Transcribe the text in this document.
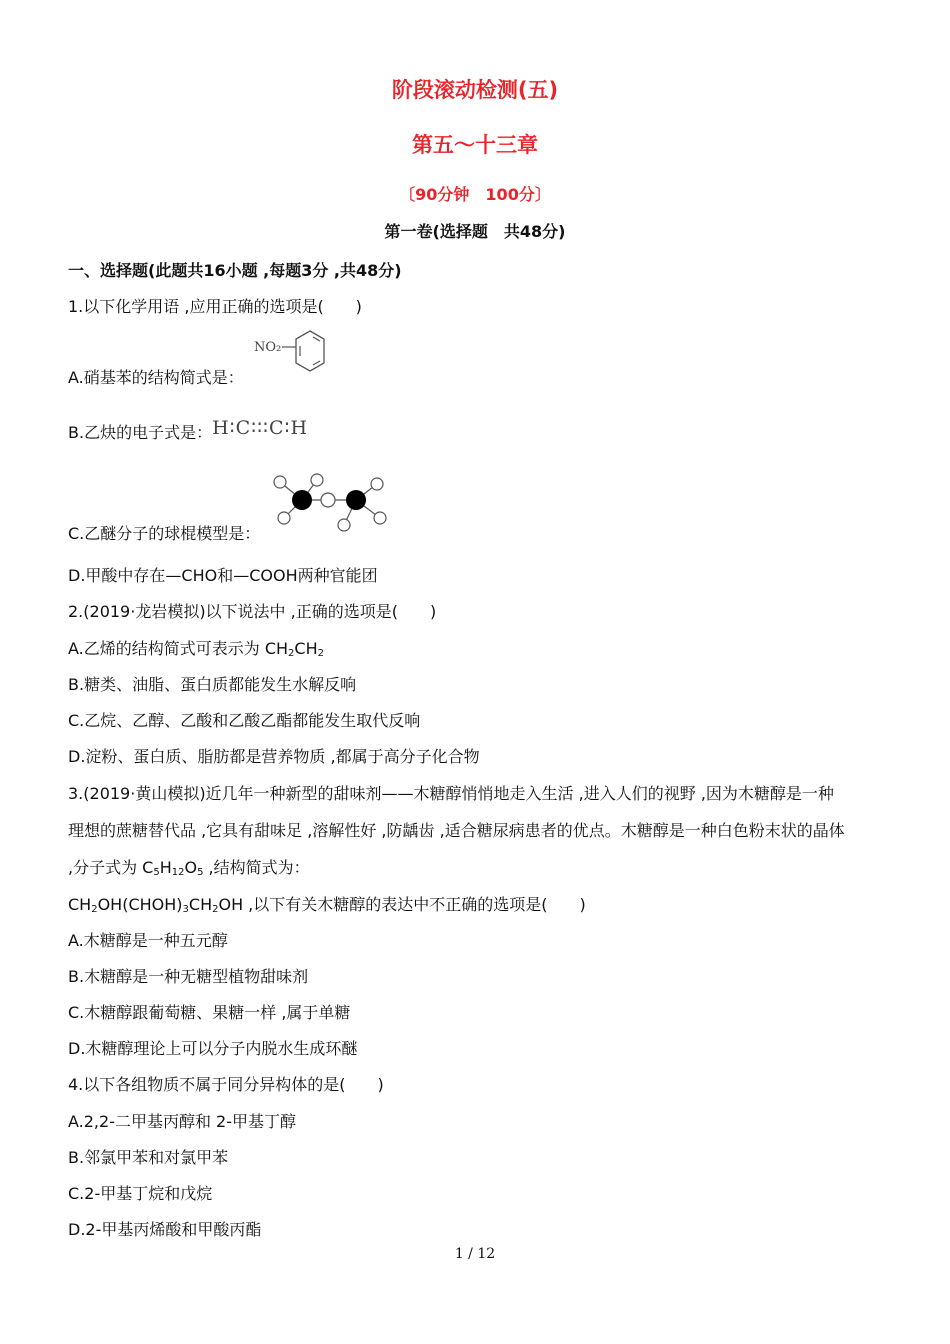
阶段滚动检测(五)
第五～十三章
〔90分钟　100分〕
第一卷(选择题　共48分)
一、选择题(此题共16小题 ,每题3分 ,共48分)
1.以下化学用语 ,应用正确的选项是(　　)
NO₂
A.硝基苯的结构简式是：
B.乙炔的电子式是：H∶C∶∶∶C∶H
C.乙醚分子的球棍模型是：
D.甲酸中存在—CHO和—COOH两种官能团
2.(2019·龙岩模拟)以下说法中 ,正确的选项是(　　)
A.乙烯的结构简式可表示为 $CH_2CH_2$
B.糖类、油脂、蛋白质都能发生水解反响
C.乙烷、乙醇、乙酸和乙酸乙酯都能发生取代反响
D.淀粉、蛋白质、脂肪都是营养物质 ,都属于高分子化合物
3.(2019·黄山模拟)近几年一种新型的甜味剂——木糖醇悄悄地走入生活 ,进入人们的视野 ,因为木糖醇是一种
理想的蔗糖替代品 ,它具有甜味足 ,溶解性好 ,防龋齿 ,适合糖尿病患者的优点。木糖醇是一种白色粉末状的晶体
,分子式为 $C_5H_{12}O_5$ ,结构简式为：
$CH_2OH(CHOH)_3CH_2OH$ ,以下有关木糖醇的表达中不正确的选项是(　　)
A.木糖醇是一种五元醇
B.木糖醇是一种无糖型植物甜味剂
C.木糖醇跟葡萄糖、果糖一样 ,属于单糖
D.木糖醇理论上可以分子内脱水生成环醚
4.以下各组物质不属于同分异构体的是(　　)
A.2,2-二甲基丙醇和 2-甲基丁醇
B.邻氯甲苯和对氯甲苯
C.2-甲基丁烷和戊烷
D.2-甲基丙烯酸和甲酸丙酯
1 / 12
